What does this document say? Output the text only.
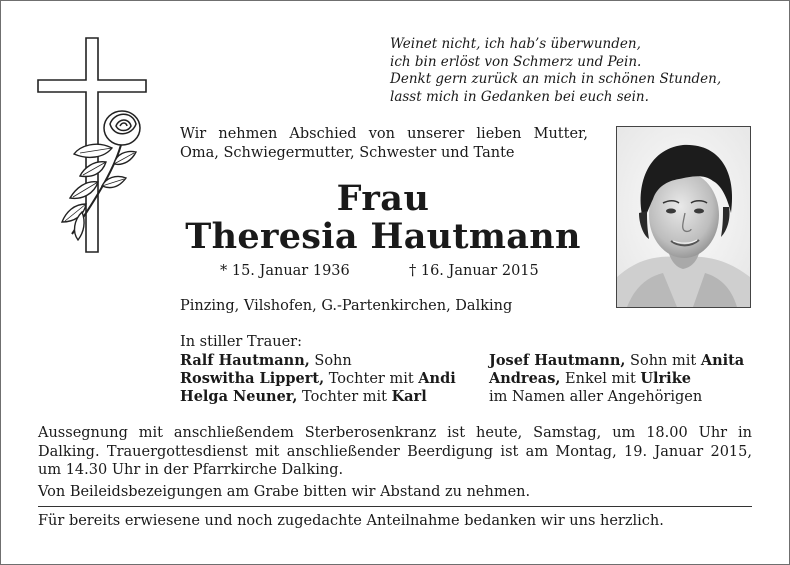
Weinet nicht, ich hab’s überwunden,
ich bin erlöst von Schmerz und Pein.
Denkt gern zurück an mich in schönen Stunden,
lasst mich in Gedanken bei euch sein.
Wir nehmen Abschied von unserer lieben Mutter,
Oma, Schwiegermutter, Schwester und Tante
Frau
Theresia Hautmann
* 15. Januar 1936	† 16. Januar 2015
Pinzing, Vilshofen, G.-Partenkirchen, Dalking
In stiller Trauer:
Ralf Hautmann, Sohn
Roswitha Lippert, Tochter mit Andi
Helga Neuner, Tochter mit Karl
Josef Hautmann, Sohn mit Anita
Andreas, Enkel mit Ulrike
im Namen aller Angehörigen
Aussegnung mit anschließendem Sterberosenkranz ist heute, Samstag, um 18.00 Uhr in
Dalking. Trauergottesdienst mit anschließender Beerdigung ist am Montag, 19. Januar 2015,
um 14.30 Uhr in der Pfarrkirche Dalking.
Von Beileidsbezeigungen am Grabe bitten wir Abstand zu nehmen.
Für bereits erwiesene und noch zugedachte Anteilnahme bedanken wir uns herzlich.
